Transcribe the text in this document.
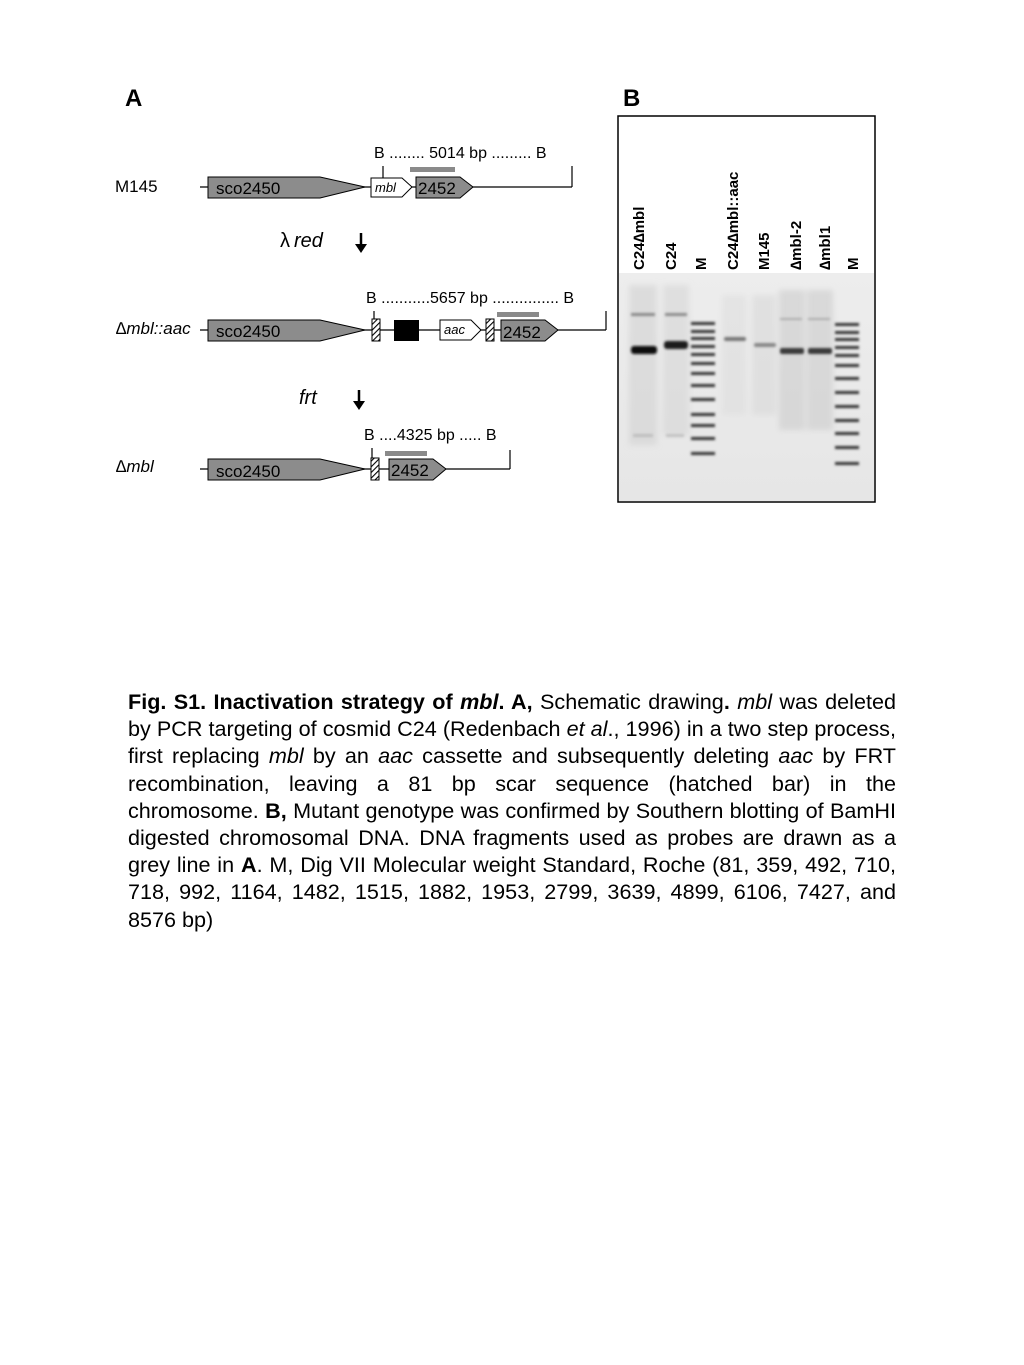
A
M145
B ........ 5014 bp ......... B
sco2450	mbl 2452
λ red
∆mbl::aac
B ...........5657 bp ............... B
sco2450	aac 2452
frt
∆mbl
B ....4325 bp ..... B
sco2450	2452
B
C24∆mbl C24 M C24∆mbl::aac M145 ∆mbl-2 ∆mbl1 M

Fig. S1. Inactivation strategy of mbl. A, Schematic drawing. mbl was deleted by PCR targeting of cosmid C24 (Redenbach et al., 1996) in a two step process, first replacing mbl by an aac cassette and subsequently deleting aac by FRT recombination, leaving a 81 bp scar sequence (hatched bar) in the chromosome. B, Mutant genotype was confirmed by Southern blotting of BamHI digested chromosomal DNA. DNA fragments used as probes are drawn as a grey line in A. M, Dig VII Molecular weight Standard, Roche (81, 359, 492, 710, 718, 992, 1164, 1482, 1515, 1882, 1953, 2799, 3639, 4899, 6106, 7427, and 8576 bp)
